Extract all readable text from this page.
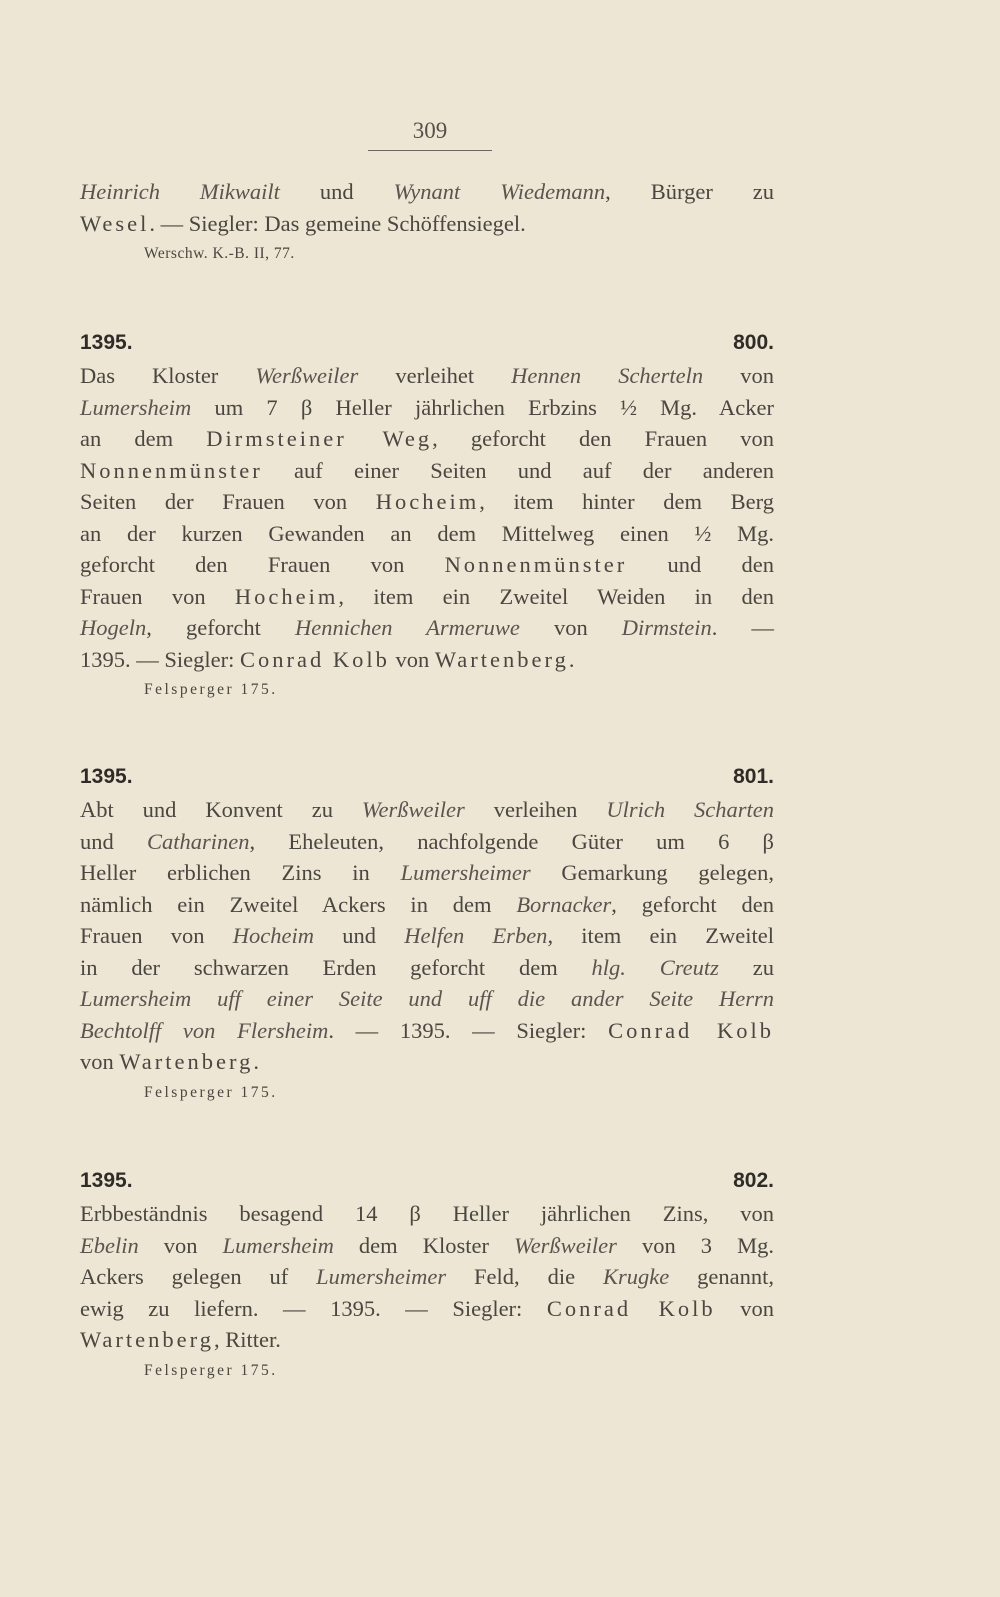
309
Heinrich Mikwailt und Wynant Wiedemann, Bürger zu
Wesel. — Siegler: Das gemeine Schöffensiegel.
Werschw. K.-B. II, 77.
1395.	800.
Das Kloster Werßweiler verleihet Hennen Scherteln von
Lumersheim um 7 β Heller jährlichen Erbzins ½ Mg. Acker
an dem Dirmsteiner Weg, geforcht den Frauen von
Nonnenmünster auf einer Seiten und auf der anderen
Seiten der Frauen von Hocheim, item hinter dem Berg
an der kurzen Gewanden an dem Mittelweg einen ½ Mg.
geforcht den Frauen von Nonnenmünster und den
Frauen von Hocheim, item ein Zweitel Weiden in den
Hogeln, geforcht Hennichen Armeruwe von Dirmstein. —
1395. — Siegler: Conrad Kolb von Wartenberg.
Felsperger 175.
1395.	801.
Abt und Konvent zu Werßweiler verleihen Ulrich Scharten
und Catharinen, Eheleuten, nachfolgende Güter um 6 β
Heller erblichen Zins in Lumersheimer Gemarkung gelegen,
nämlich ein Zweitel Ackers in dem Bornacker, geforcht den
Frauen von Hocheim und Helfen Erben, item ein Zweitel
in der schwarzen Erden geforcht dem hlg. Creutz zu
Lumersheim uff einer Seite und uff die ander Seite Herrn
Bechtolff von Flersheim. — 1395. — Siegler: Conrad Kolb
von Wartenberg.
Felsperger 175.
1395.	802.
Erbbeständnis besagend 14 β Heller jährlichen Zins, von
Ebelin von Lumersheim dem Kloster Werßweiler von 3 Mg.
Ackers gelegen uf Lumersheimer Feld, die Krugke genannt,
ewig zu liefern. — 1395. — Siegler: Conrad Kolb von
Wartenberg, Ritter.
Felsperger 175.
